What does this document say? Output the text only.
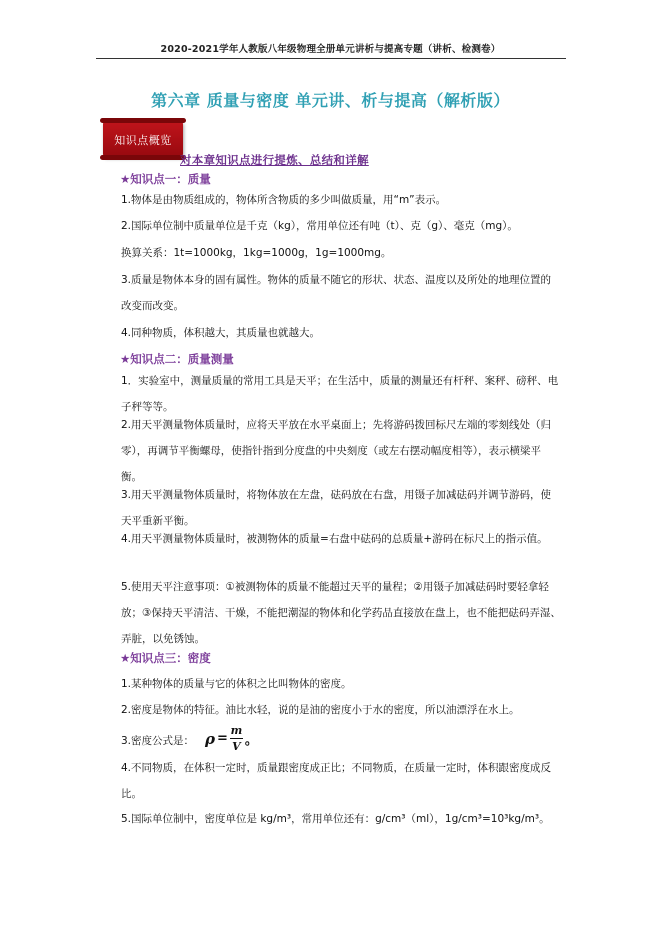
2020-2021学年人教版八年级物理全册单元讲析与提高专题（讲析、检测卷）
第六章 质量与密度 单元讲、析与提高（解析版）
知识点概览
对本章知识点进行提炼、总结和详解
★知识点一：质量
1.物体是由物质组成的，物体所含物质的多少叫做质量，用“m”表示。
2.国际单位制中质量单位是千克（kg），常用单位还有吨（t）、克（g）、毫克（mg）。
换算关系：1t=1000kg，1kg=1000g，1g=1000mg。
3.质量是物体本身的固有属性。物体的质量不随它的形状、状态、温度以及所处的地理位置的改变而改变。
4.同种物质，体积越大，其质量也就越大。
★知识点二：质量测量
1．实验室中，测量质量的常用工具是天平；在生活中，质量的测量还有杆秤、案秤、磅秤、电子秤等等。
2.用天平测量物体质量时，应将天平放在水平桌面上；先将游码拨回标尺左端的零刻线处（归零），再调节平衡螺母，使指针指到分度盘的中央刻度（或左右摆动幅度相等），表示横梁平衡。
3.用天平测量物体质量时，将物体放在左盘，砝码放在右盘，用镊子加减砝码并调节游码，使天平重新平衡。
4.用天平测量物体质量时，被测物体的质量=右盘中砝码的总质量+游码在标尺上的指示值。
5.使用天平注意事项：①被测物体的质量不能超过天平的量程；②用镊子加减砝码时要轻拿轻放；③保持天平清洁、干燥，不能把潮湿的物体和化学药品直接放在盘上，也不能把砝码弄湿、弄脏，以免锈蚀。
★知识点三：密度
1.某种物体的质量与它的体积之比叫物体的密度。
2.密度是物体的特征。油比水轻，说的是油的密度小于水的密度，所以油漂浮在水上。
3.密度公式是： $\rho = \frac{m}{V}$ 。
4.不同物质，在体积一定时，质量跟密度成正比；不同物质，在质量一定时，体积跟密度成反比。
5.国际单位制中，密度单位是 kg/m³，常用单位还有：g/cm³（ml），1g/cm³=10³kg/m³。
